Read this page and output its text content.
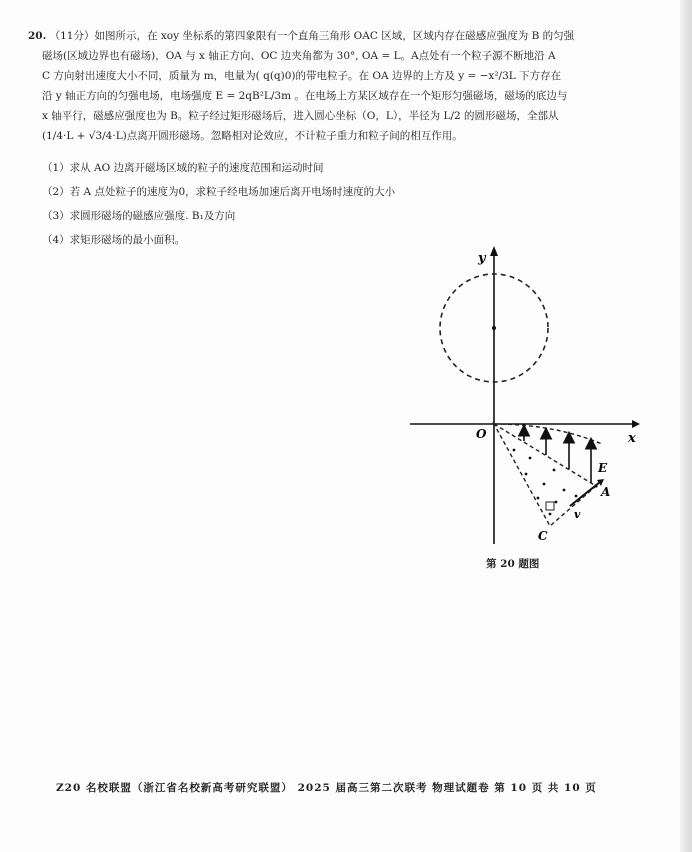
20. （11分）如图所示，在 xoy 坐标系的第四象限有一个直角三角形 OAC 区域，区域内存在磁感应强度为 B 的匀强
磁场(区域边界也有磁场)，OA 与 x 轴正方向、OC 边夹角都为 30°, OA = L。A点处有一个粒子源不断地沿 A
C 方向射出速度大小不同，质量为 m，电量为( q(q)0)的带电粒子。在 OA 边界的上方及 y = −x²/3L 下方存在
沿 y 轴正方向的匀强电场，电场强度 E = 2qB²L/3m 。在电场上方某区域存在一个矩形匀强磁场，磁场的底边与
x 轴平行，磁感应强度也为 B。粒子经过矩形磁场后，进入圆心坐标（O，L），半径为 L/2 的圆形磁场，全部从
(1/4·L + √3/4·L)点离开圆形磁场。忽略相对论效应，不计粒子重力和粒子间的相互作用。
（1）求从 AO 边离开磁场区域的粒子的速度范围和运动时间
（2）若 A 点处粒子的速度为0，求粒子经电场加速后离开电场时速度的大小
（3）求圆形磁场的磁感应强度. B₁及方向
（4）求矩形磁场的最小面积。
y
x
O
E
A
v
C
第 20 题图
Z20 名校联盟（浙江省名校新高考研究联盟） 2025 届高三第二次联考 物理试题卷 第 10 页 共 10 页
